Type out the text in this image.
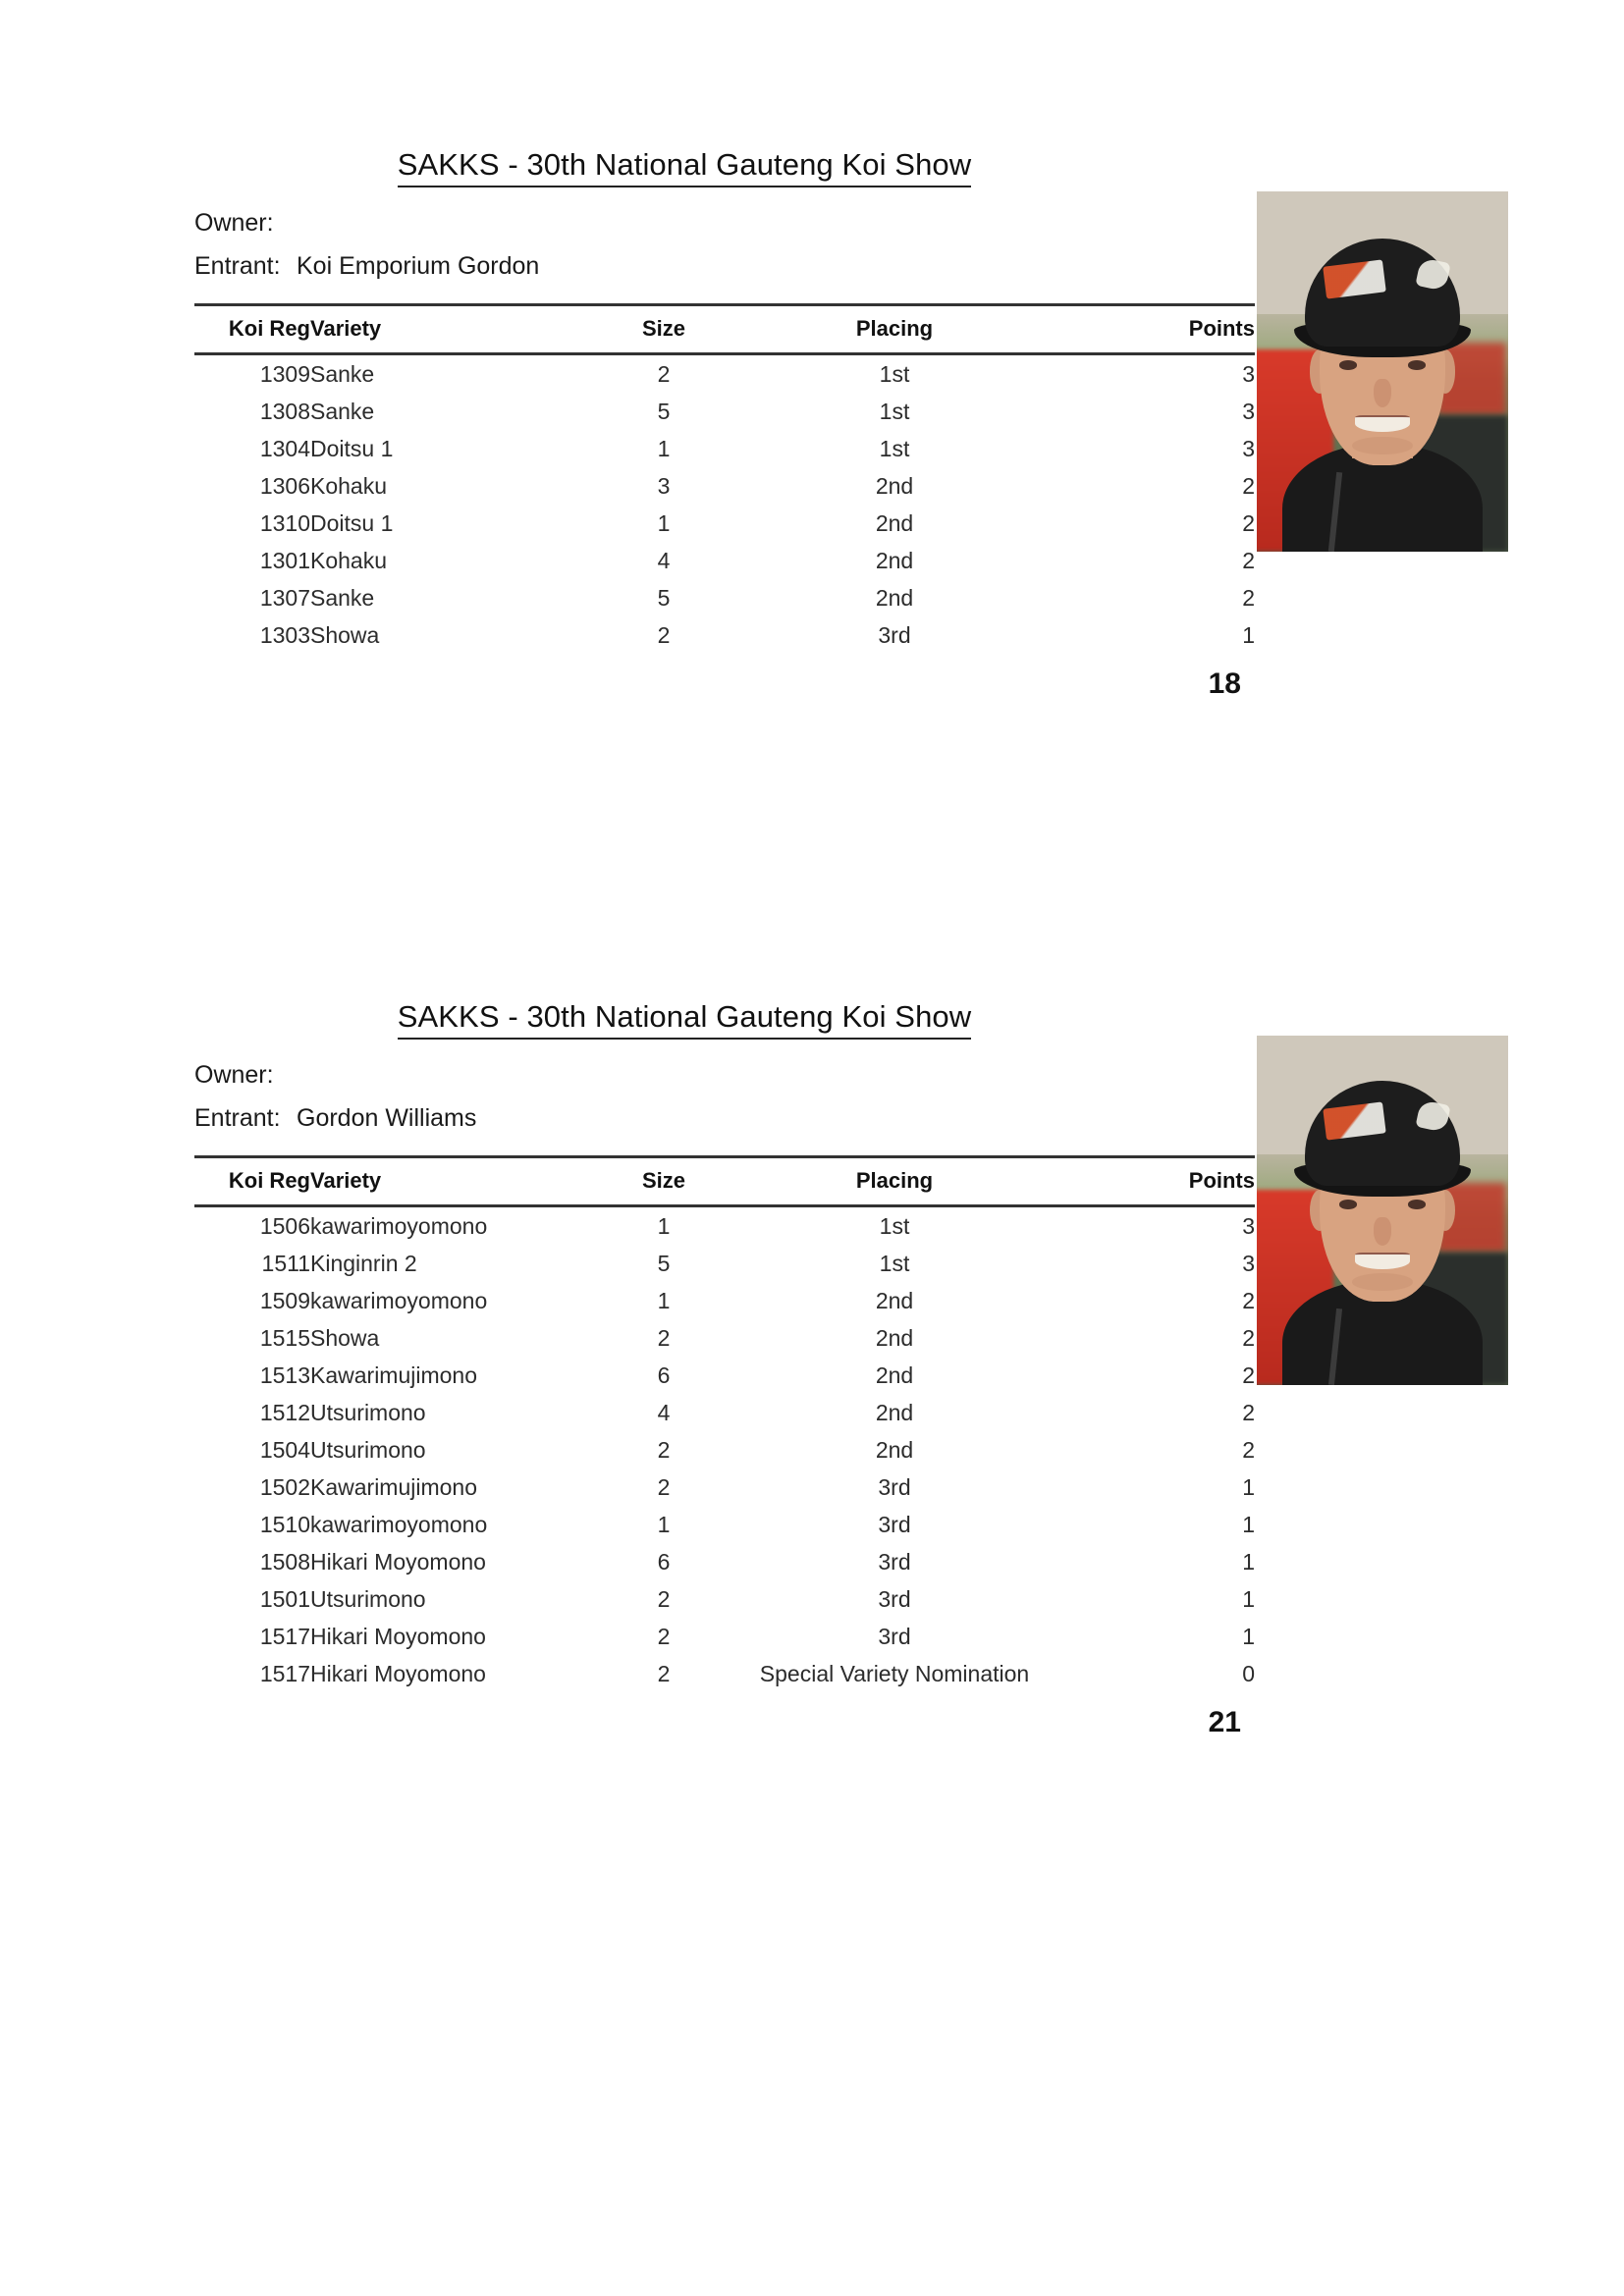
SAKKS - 30th National Gauteng Koi Show
Owner:
Entrant: Koi Emporium Gordon
Koi Reg	Variety	Size	Placing	Points
1309	Sanke	2	1st	3
1308	Sanke	5	1st	3
1304	Doitsu 1	1	1st	3
1306	Kohaku	3	2nd	2
1310	Doitsu 1	1	2nd	2
1301	Kohaku	4	2nd	2
1307	Sanke	5	2nd	2
1303	Showa	2	3rd	1
18
SAKKS - 30th National Gauteng Koi Show
Owner:
Entrant: Gordon Williams
Koi Reg	Variety	Size	Placing	Points
1506	kawarimoyomono	1	1st	3
1511	Kinginrin 2	5	1st	3
1509	kawarimoyomono	1	2nd	2
1515	Showa	2	2nd	2
1513	Kawarimujimono	6	2nd	2
1512	Utsurimono	4	2nd	2
1504	Utsurimono	2	2nd	2
1502	Kawarimujimono	2	3rd	1
1510	kawarimoyomono	1	3rd	1
1508	Hikari Moyomono	6	3rd	1
1501	Utsurimono	2	3rd	1
1517	Hikari Moyomono	2	3rd	1
1517	Hikari Moyomono	2	Special Variety Nomination	0
21
